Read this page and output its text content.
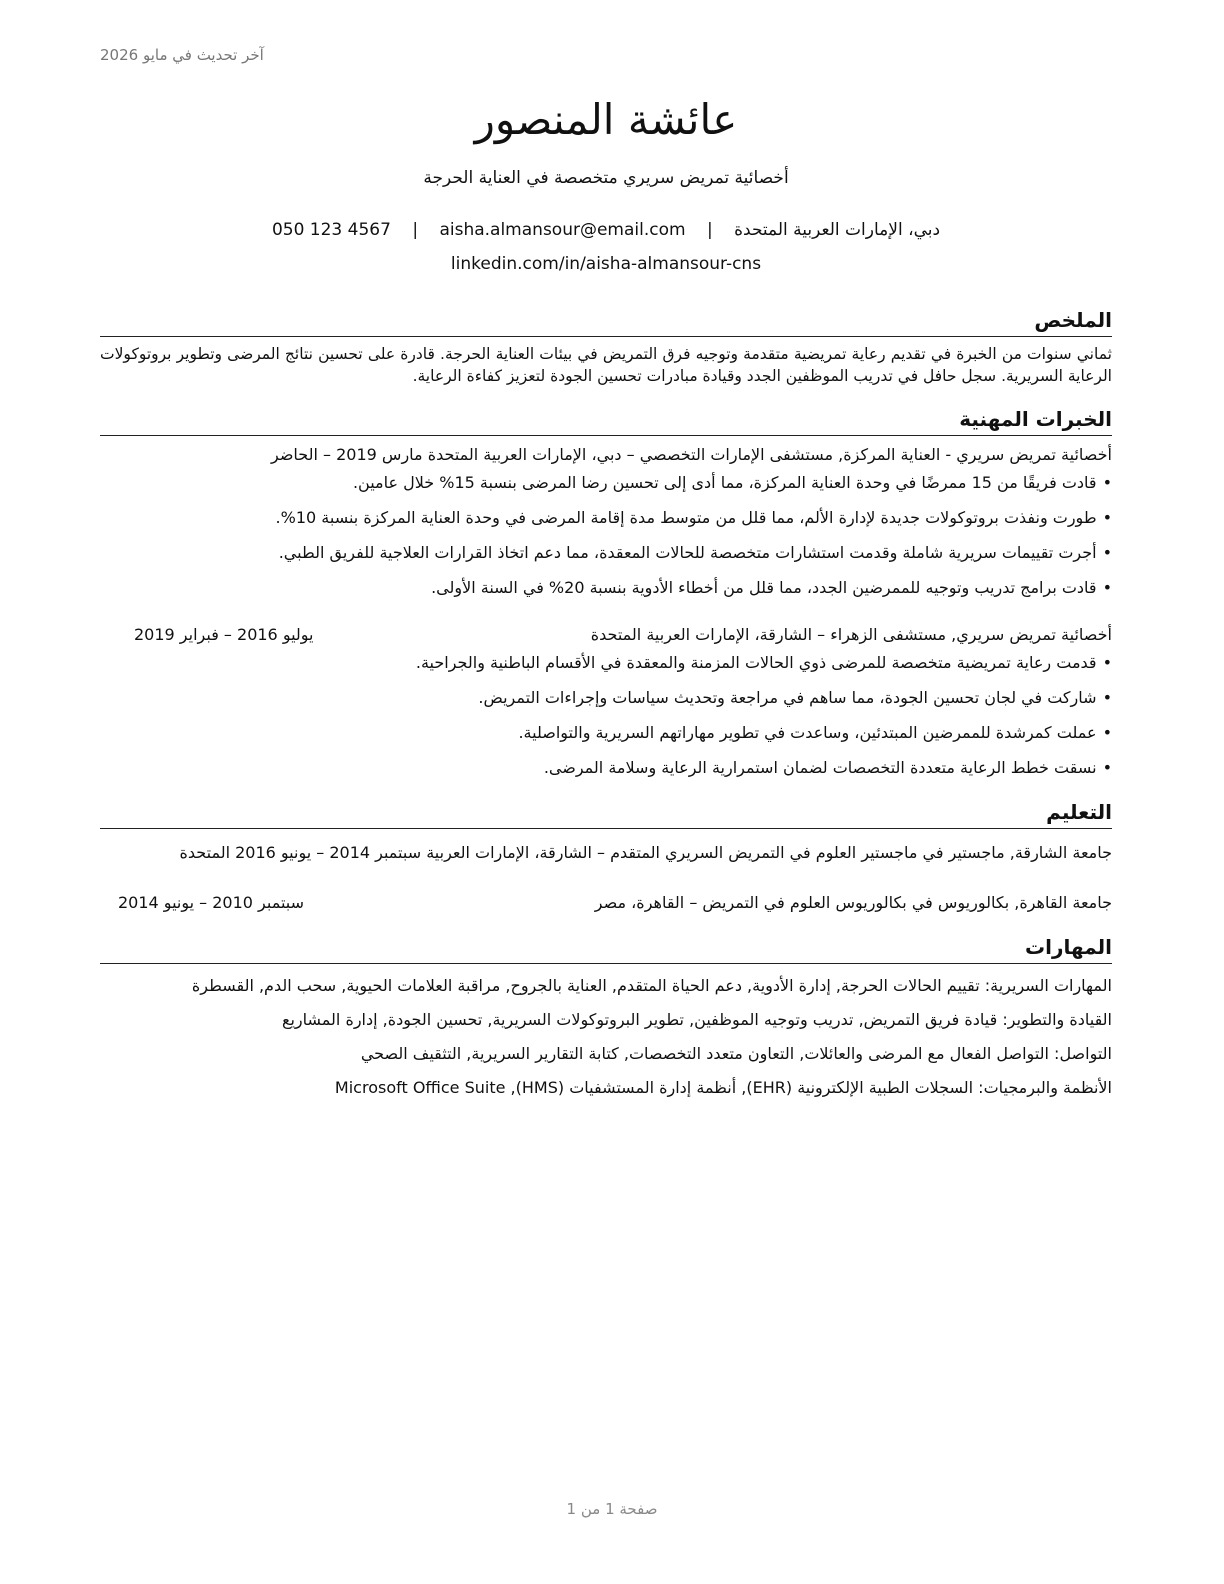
آخر تحديث في مايو 2026
عائشة المنصور
أخصائية تمريض سريري متخصصة في العناية الحرجة
دبي، الإمارات العربية المتحدة | aisha.almansour@email.com | 050 123 4567
linkedin.com/in/aisha-almansour-cns
الملخص

ثماني سنوات من الخبرة في تقديم رعاية تمريضية متقدمة وتوجيه فرق التمريض في بيئات العناية الحرجة. قادرة على تحسين نتائج المرضى وتطوير بروتوكولات الرعاية السريرية. سجل حافل في تدريب الموظفين الجدد وقيادة مبادرات تحسين الجودة لتعزيز كفاءة الرعاية.

الخبرات المهنية
أخصائية تمريض سريري - العناية المركزة, مستشفى الإمارات التخصصي – دبي، الإمارات العربية المتحدة مارس 2019 – الحاضر
• قادت فريقًا من 15 ممرضًا في وحدة العناية المركزة، مما أدى إلى تحسين رضا المرضى بنسبة 15% خلال عامين.
• طورت ونفذت بروتوكولات جديدة لإدارة الألم، مما قلل من متوسط مدة إقامة المرضى في وحدة العناية المركزة بنسبة 10%.
• أجرت تقييمات سريرية شاملة وقدمت استشارات متخصصة للحالات المعقدة، مما دعم اتخاذ القرارات العلاجية للفريق الطبي.
• قادت برامج تدريب وتوجيه للممرضين الجدد، مما قلل من أخطاء الأدوية بنسبة 20% في السنة الأولى.
أخصائية تمريض سريري, مستشفى الزهراء – الشارقة، الإمارات العربية المتحدة
يوليو 2016 – فبراير 2019
• قدمت رعاية تمريضية متخصصة للمرضى ذوي الحالات المزمنة والمعقدة في الأقسام الباطنية والجراحية.
• شاركت في لجان تحسين الجودة، مما ساهم في مراجعة وتحديث سياسات وإجراءات التمريض.
• عملت كمرشدة للممرضين المبتدئين، وساعدت في تطوير مهاراتهم السريرية والتواصلية.
• نسقت خطط الرعاية متعددة التخصصات لضمان استمرارية الرعاية وسلامة المرضى.
التعليم
جامعة الشارقة, ماجستير في ماجستير العلوم في التمريض السريري المتقدم – الشارقة، الإمارات العربية سبتمبر 2014 – يونيو 2016 المتحدة
جامعة القاهرة, بكالوريوس في بكالوريوس العلوم في التمريض – القاهرة، مصر
سبتمبر 2010 – يونيو 2014
المهارات
المهارات السريرية: تقييم الحالات الحرجة, إدارة الأدوية, دعم الحياة المتقدم, العناية بالجروح, مراقبة العلامات الحيوية, سحب الدم, القسطرة
القيادة والتطوير: قيادة فريق التمريض, تدريب وتوجيه الموظفين, تطوير البروتوكولات السريرية, تحسين الجودة, إدارة المشاريع
التواصل: التواصل الفعال مع المرضى والعائلات, التعاون متعدد التخصصات, كتابة التقارير السريرية, التثقيف الصحي
الأنظمة والبرمجيات: السجلات الطبية الإلكترونية (EHR), أنظمة إدارة المستشفيات (HMS), Microsoft Office Suite
صفحة 1 من 1
